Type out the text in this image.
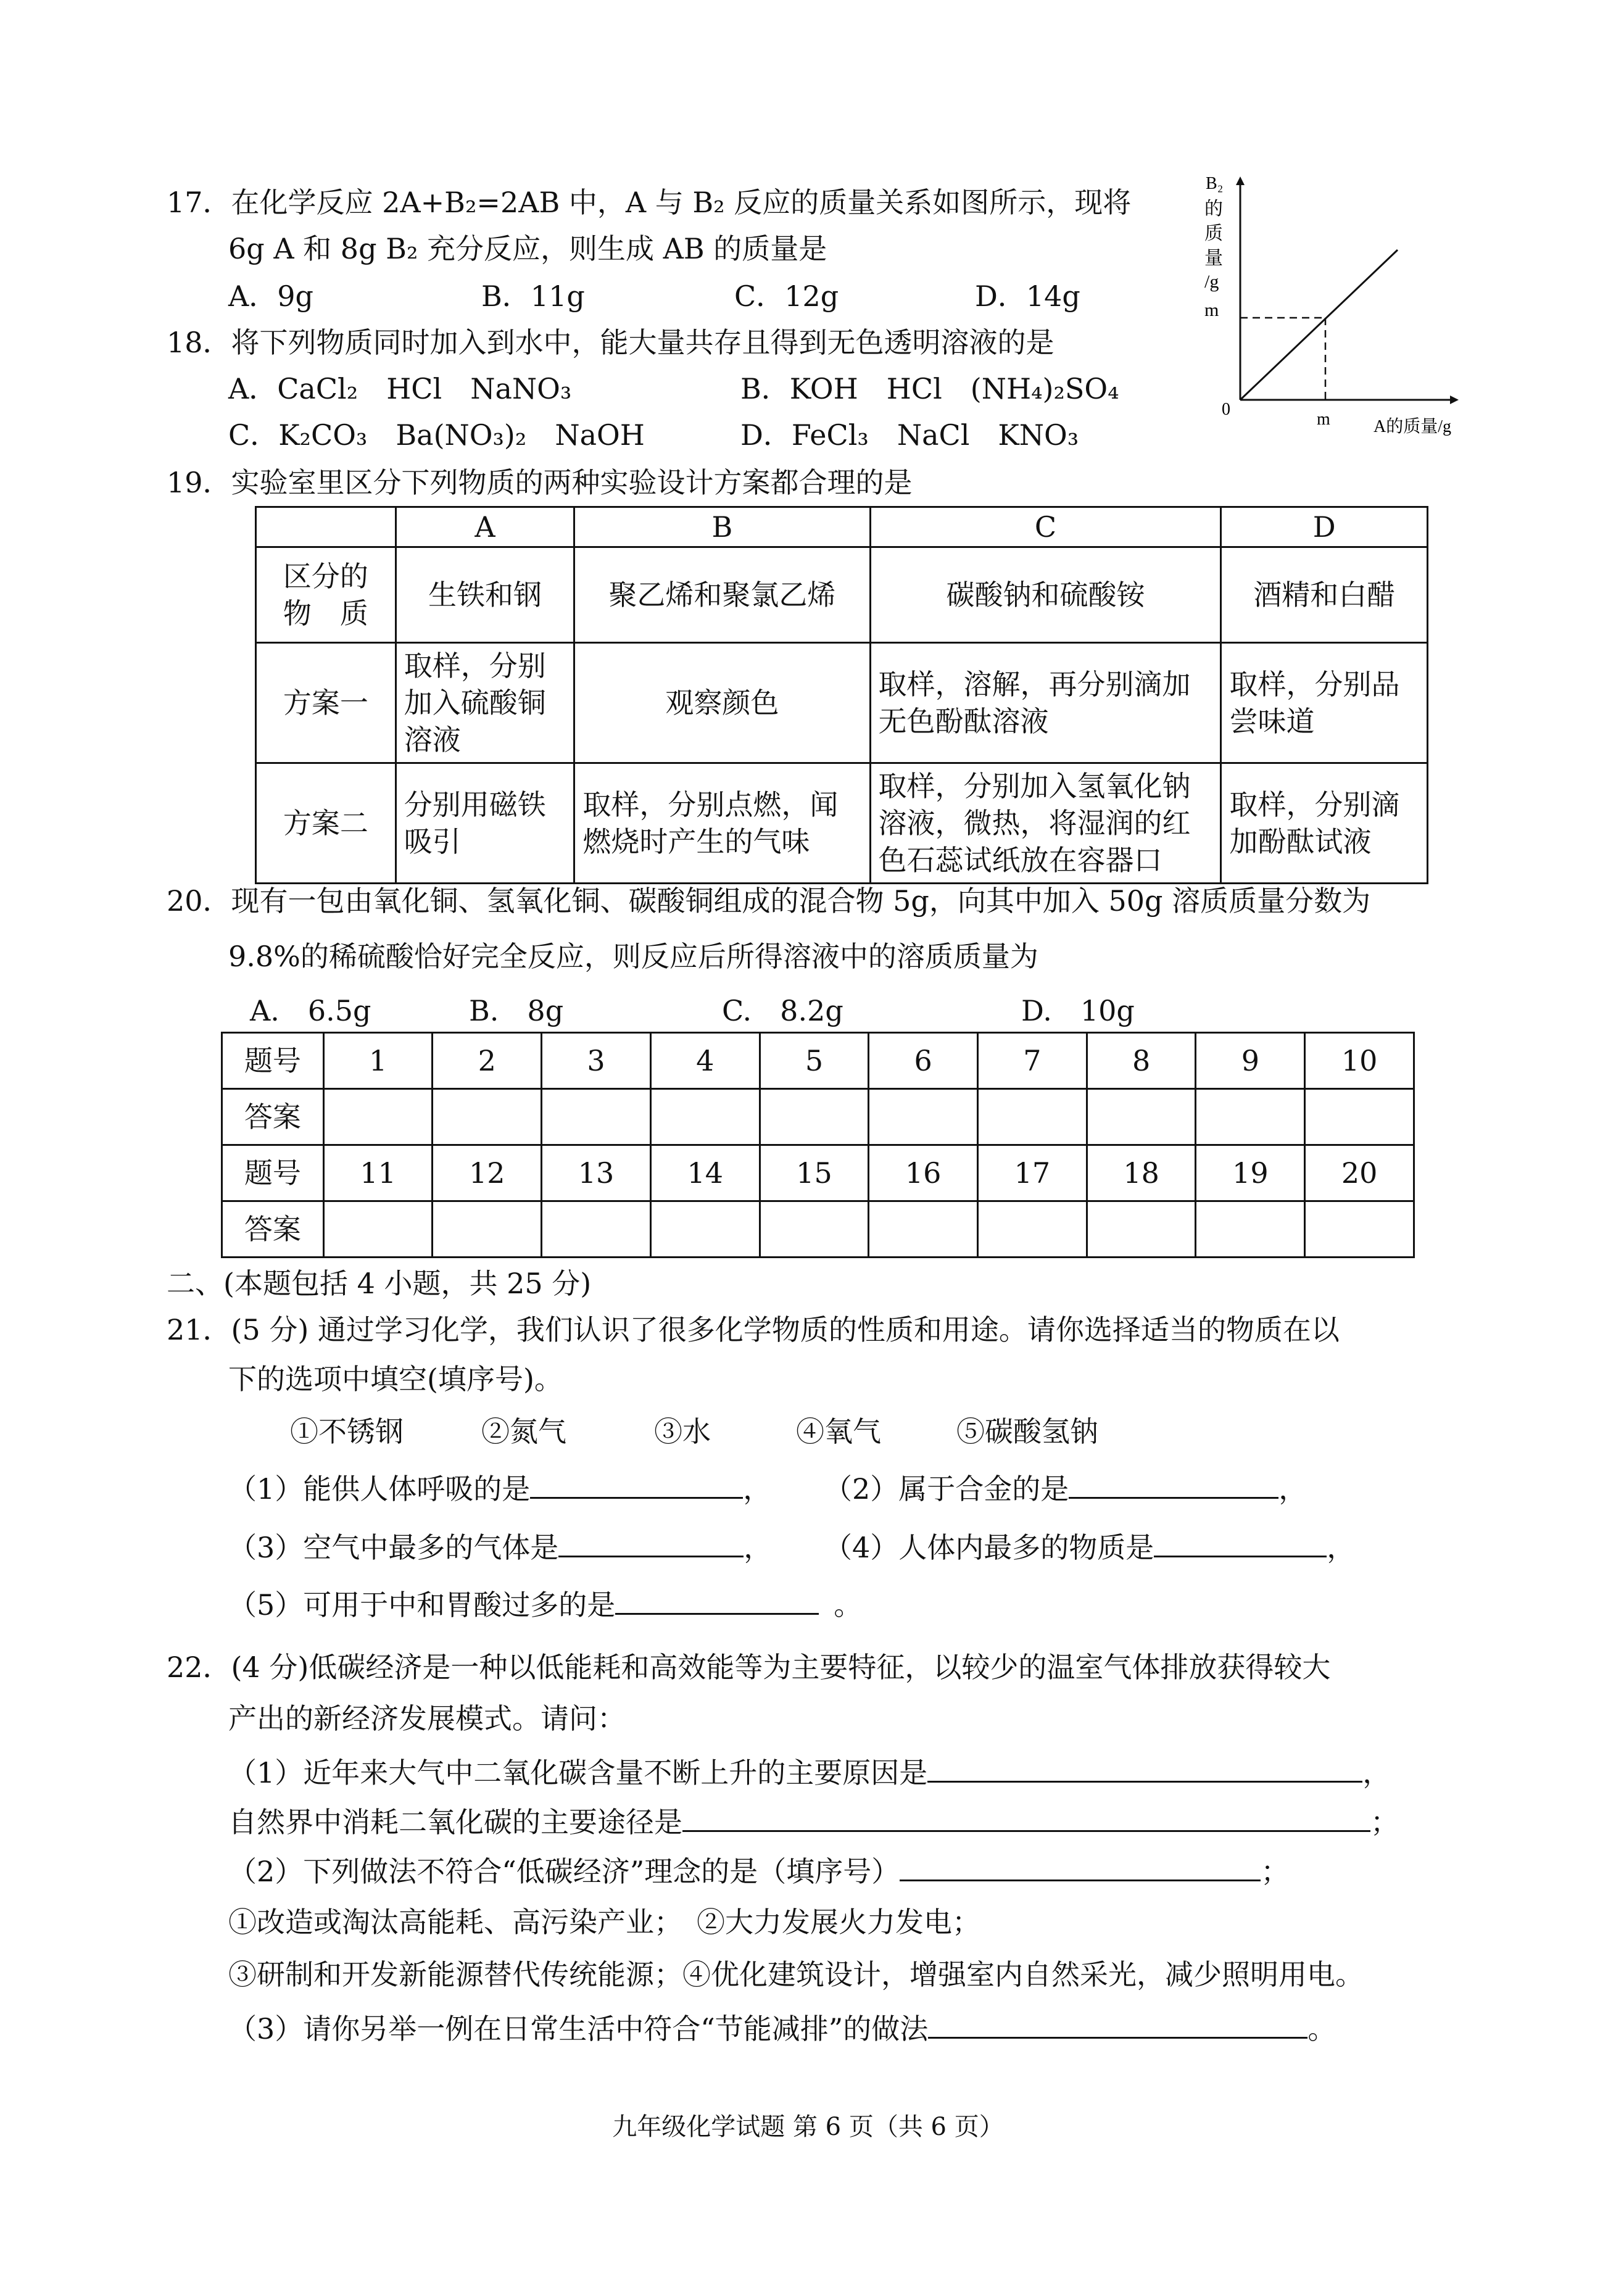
17．在化学反应 2A+B₂=2AB 中，A 与 B₂ 反应的质量关系如图所示，现将
6g A 和 8g B₂ 充分反应，则生成 AB 的质量是
A．9g	B．11g	C．12g	D．14g
B₂
的
质
量
/g
m
0
m	A的质量/g
18．将下列物质同时加入到水中，能大量共存且得到无色透明溶液的是
A．CaCl₂　HCl　NaNO₃	B．KOH　HCl　(NH₄)₂SO₄
C．K₂CO₃　Ba(NO₃)₂　NaOH	D．FeCl₃　NaCl　KNO₃
19．实验室里区分下列物质的两种实验设计方案都合理的是
	A	B	C	D
区分的
物　质	生铁和钢	聚乙烯和聚氯乙烯	碳酸钠和硫酸铵	酒精和白醋
方案一	取样，分别加入硫酸铜溶液	观察颜色	取样，溶解，再分别滴加无色酚酞溶液	取样，分别品尝味道
方案二	分别用磁铁吸引	取样，分别点燃，闻燃烧时产生的气味	取样，分别加入氢氧化钠溶液，微热，将湿润的红色石蕊试纸放在容器口	取样，分别滴加酚酞试液
20．现有一包由氧化铜、氢氧化铜、碳酸铜组成的混合物 5g，向其中加入 50g 溶质质量分数为
9.8%的稀硫酸恰好完全反应，则反应后所得溶液中的溶质质量为
A.　6.5g	B.　8g	C.　8.2g	D.　10g
题号	1	2	3	4	5	6	7	8	9	10
答案										
题号	11	12	13	14	15	16	17	18	19	20
答案										
二、(本题包括 4 小题，共 25 分)
21．(5 分) 通过学习化学，我们认识了很多化学物质的性质和用途。请你选择适当的物质在以
下的选项中填空(填序号)。
①不锈钢	②氮气	③水	④氧气	⑤碳酸氢钠
（1）能供人体呼吸的是	， （2）属于合金的是	，
（3）空气中最多的气体是	， （4）人体内最多的物质是	，
（5）可用于中和胃酸过多的是	。
22．(4 分)低碳经济是一种以低能耗和高效能等为主要特征，以较少的温室气体排放获得较大
产出的新经济发展模式。请问：
（1）近年来大气中二氧化碳含量不断上升的主要原因是	，
自然界中消耗二氧化碳的主要途径是	；
（2）下列做法不符合“低碳经济”理念的是（填序号）	；
①改造或淘汰高能耗、高污染产业；　②大力发展火力发电；
③研制和开发新能源替代传统能源；④优化建筑设计，增强室内自然采光，减少照明用电。
（3）请你另举一例在日常生活中符合“节能减排”的做法	。
九年级化学试题 第 6 页（共 6 页）
